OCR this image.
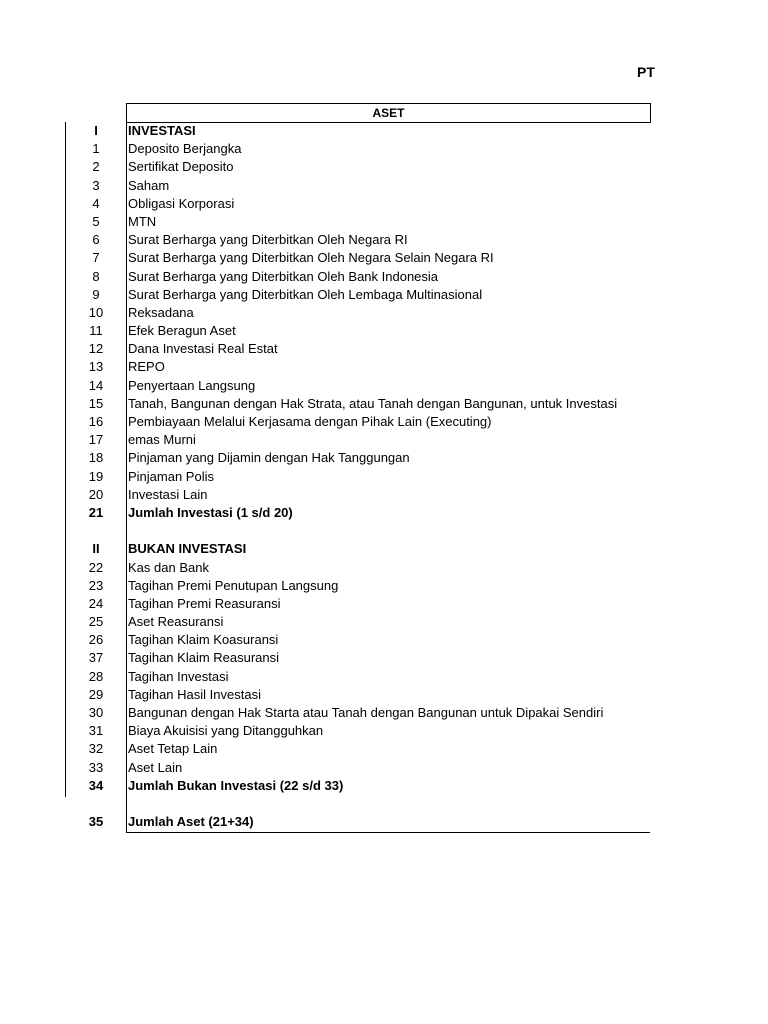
PT
ASET
I	INVESTASI
1	Deposito Berjangka
2	Sertifikat Deposito
3	Saham
4	Obligasi Korporasi
5	MTN
6	Surat Berharga yang Diterbitkan Oleh Negara RI
7	Surat Berharga yang Diterbitkan Oleh Negara Selain Negara RI
8	Surat Berharga yang Diterbitkan Oleh Bank Indonesia
9	Surat Berharga yang Diterbitkan Oleh Lembaga Multinasional
10	Reksadana
11	Efek Beragun Aset
12	Dana Investasi Real Estat
13	REPO
14	Penyertaan Langsung
15	Tanah, Bangunan dengan Hak Strata, atau Tanah dengan Bangunan, untuk Investasi
16	Pembiayaan Melalui Kerjasama dengan Pihak Lain (Executing)
17	emas Murni
18	Pinjaman yang Dijamin dengan Hak Tanggungan
19	Pinjaman Polis
20	Investasi Lain
21	Jumlah Investasi (1 s/d 20)
II	BUKAN INVESTASI
22	Kas dan Bank
23	Tagihan Premi Penutupan Langsung
24	Tagihan Premi Reasuransi
25	Aset Reasuransi
26	Tagihan Klaim Koasuransi
37	Tagihan Klaim Reasuransi
28	Tagihan Investasi
29	Tagihan Hasil Investasi
30	Bangunan dengan Hak Starta atau Tanah dengan Bangunan untuk Dipakai Sendiri
31	Biaya Akuisisi yang Ditangguhkan
32	Aset Tetap Lain
33	Aset Lain
34	Jumlah Bukan Investasi (22 s/d 33)
35	Jumlah Aset (21+34)
